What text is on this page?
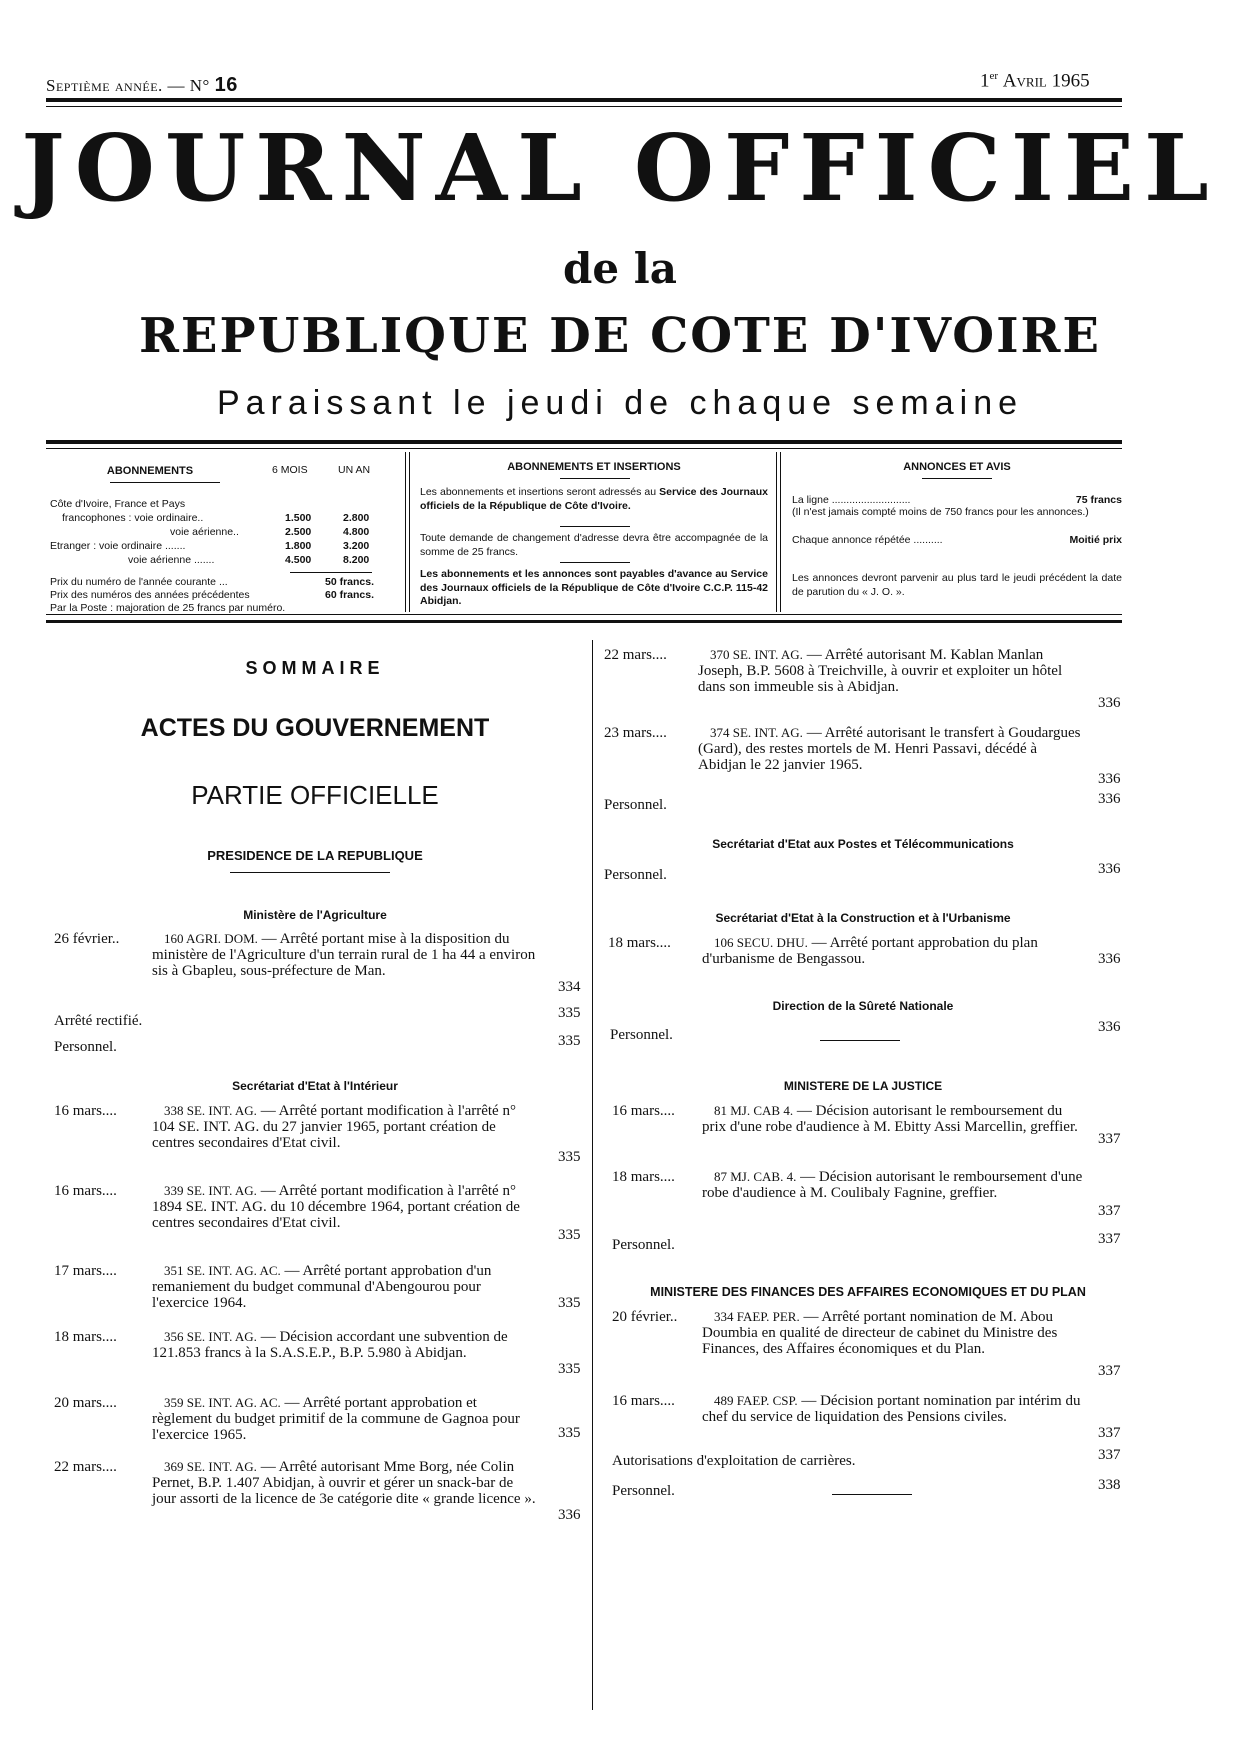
Septième année. — N° 16	1er Avril 1965
JOURNAL OFFICIEL
de la
REPUBLIQUE DE COTE D'IVOIRE
Paraissant le jeudi de chaque semaine
ABONNEMENTS	6 MOIS	UN AN
Côte d'Ivoire, France et Pays
francophones : voie ordinaire..	1.500	2.800
voie aérienne..	2.500	4.800
Etranger : voie ordinaire .......	1.800	3.200
voie aérienne .......	4.500	8.200
Prix du numéro de l'année courante ...	50 francs.
Prix des numéros des années précédentes	60 francs.
Par la Poste : majoration de 25 francs par numéro.
ABONNEMENTS ET INSERTIONS
Les abonnements et insertions seront adressés au Service des Journaux officiels de la République de Côte d'Ivoire.
Toute demande de changement d'adresse devra être accompagnée de la somme de 25 francs.
Les abonnements et les annonces sont payables d'avance au Service des Journaux officiels de la République de Côte d'Ivoire C.C.P. 115-42 Abidjan.
ANNONCES ET AVIS
La ligne ...........................	75 francs
(Il n'est jamais compté moins de 750 francs pour les annonces.)
Chaque annonce répétée ..........	Moitié prix
Les annonces devront parvenir au plus tard le jeudi précédent la date de parution du « J. O. ».
SOMMAIRE
ACTES DU GOUVERNEMENT
PARTIE OFFICIELLE
PRESIDENCE DE LA REPUBLIQUE
Ministère de l'Agriculture
26 février..	160 AGRI. DOM. — Arrêté portant mise à la disposition du ministère de l'Agriculture d'un terrain rural de 1 ha 44 a environ sis à Gbapleu, sous-préfecture de Man.
334
Arrêté rectifié.	335
Personnel.	335
Secrétariat d'Etat à l'Intérieur
16 mars....	338 SE. INT. AG. — Arrêté portant modification à l'arrêté n° 104 SE. INT. AG. du 27 janvier 1965, portant création de centres secondaires d'Etat civil.
335
16 mars....	339 SE. INT. AG. — Arrêté portant modification à l'arrêté n° 1894 SE. INT. AG. du 10 décembre 1964, portant création de centres secondaires d'Etat civil.
335
17 mars....	351 SE. INT. AG. AC. — Arrêté portant approbation d'un remaniement du budget communal d'Abengourou pour l'exercice 1964.	335
18 mars....	356 SE. INT. AG. — Décision accordant une subvention de 121.853 francs à la S.A.S.E.P., B.P. 5.980 à Abidjan.
335
20 mars....	359 SE. INT. AG. AC. — Arrêté portant approbation et règlement du budget primitif de la commune de Gagnoa pour l'exercice 1965.	335
22 mars....	369 SE. INT. AG. — Arrêté autorisant Mme Borg, née Colin Pernet, B.P. 1.407 Abidjan, à ouvrir et gérer un snack-bar de jour assorti de la licence de 3e catégorie dite « grande licence ».
336
22 mars....	370 SE. INT. AG. — Arrêté autorisant M. Kablan Manlan Joseph, B.P. 5608 à Treichville, à ouvrir et exploiter un hôtel dans son immeuble sis à Abidjan.
336
23 mars....	374 SE. INT. AG. — Arrêté autorisant le transfert à Goudargues (Gard), des restes mortels de M. Henri Passavi, décédé à Abidjan le 22 janvier 1965.
336
Personnel.	336
Secrétariat d'Etat aux Postes et Télécommunications
Personnel.	336
Secrétariat d'Etat à la Construction et à l'Urbanisme
18 mars....	106 SECU. DHU. — Arrêté portant approbation du plan d'urbanisme de Bengassou.	336
Direction de la Sûreté Nationale
Personnel.	336
MINISTERE DE LA JUSTICE
16 mars....	81 MJ. CAB 4. — Décision autorisant le remboursement du prix d'une robe d'audience à M. Ebitty Assi Marcellin, greffier.
337
18 mars....	87 MJ. CAB. 4. — Décision autorisant le remboursement d'une robe d'audience à M. Coulibaly Fagnine, greffier.
337
Personnel.	337
MINISTERE DES FINANCES DES AFFAIRES ECONOMIQUES ET DU PLAN
20 février..	334 FAEP. PER. — Arrêté portant nomination de M. Abou Doumbia en qualité de directeur de cabinet du Ministre des Finances, des Affaires économiques et du Plan.
337
16 mars....	489 FAEP. CSP. — Décision portant nomination par intérim du chef du service de liquidation des Pensions civiles.
337
Autorisations d'exploitation de carrières.	337
Personnel.	338
